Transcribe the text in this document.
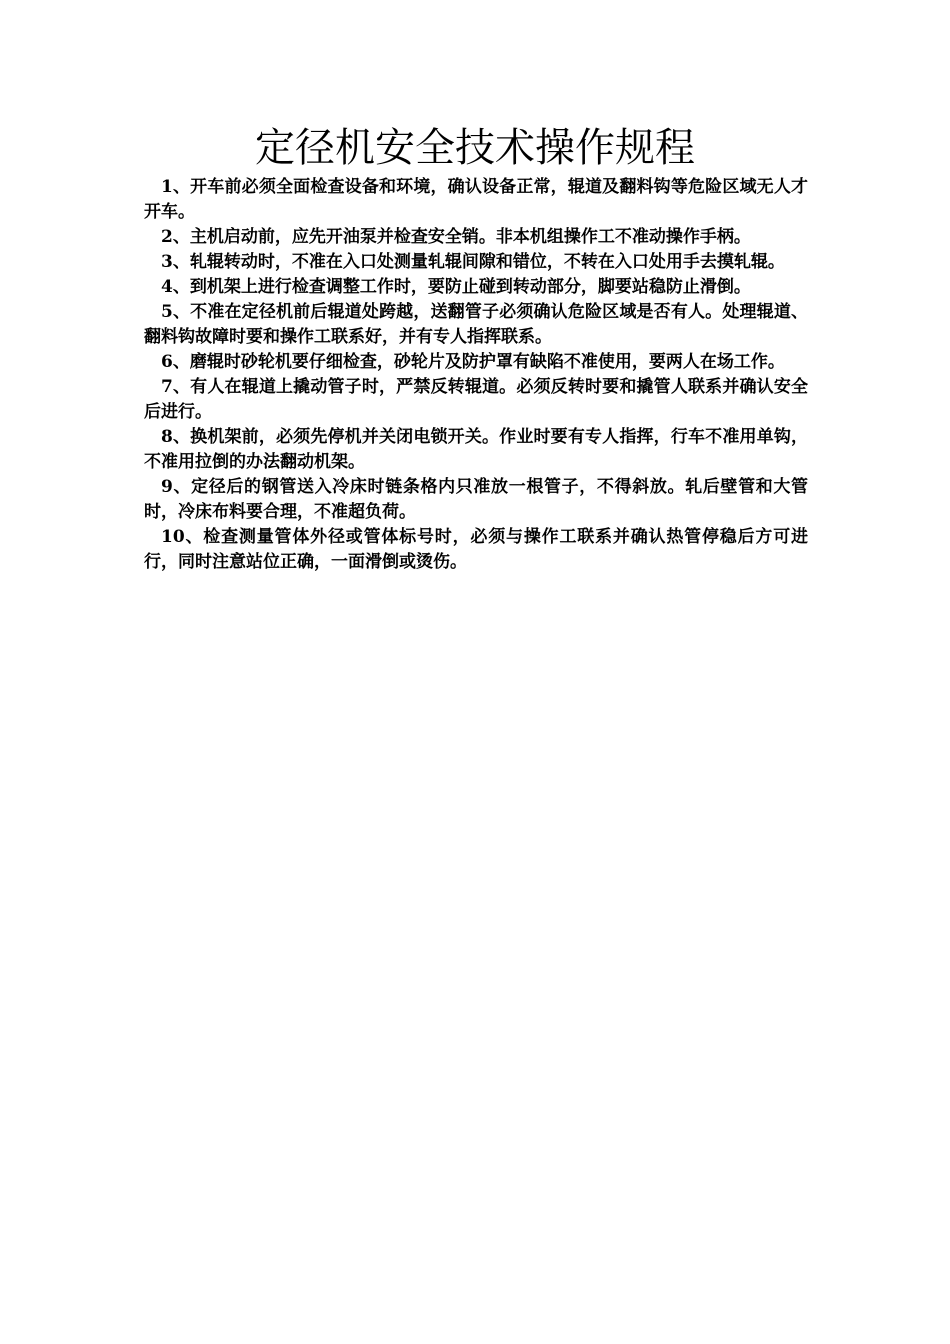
定径机安全技术操作规程
1、开车前必须全面检查设备和环境，确认设备正常，辊道及翻料钩等危险区域无人才开车。
2、主机启动前，应先开油泵并检查安全销。非本机组操作工不准动操作手柄。
3、轧辊转动时，不准在入口处测量轧辊间隙和错位，不转在入口处用手去摸轧辊。
4、到机架上进行检查调整工作时，要防止碰到转动部分，脚要站稳防止滑倒。
5、不准在定径机前后辊道处跨越，送翻管子必须确认危险区域是否有人。处理辊道、翻料钩故障时要和操作工联系好，并有专人指挥联系。
6、磨辊时砂轮机要仔细检查，砂轮片及防护罩有缺陷不准使用，要两人在场工作。
7、有人在辊道上撬动管子时，严禁反转辊道。必须反转时要和撬管人联系并确认安全后进行。
8、换机架前，必须先停机并关闭电锁开关。作业时要有专人指挥，行车不准用单钩，不准用拉倒的办法翻动机架。
9、定径后的钢管送入冷床时链条格内只准放一根管子，不得斜放。轧后壁管和大管时，冷床布料要合理，不准超负荷。
10、检查测量管体外径或管体标号时，必须与操作工联系并确认热管停稳后方可进行，同时注意站位正确，一面滑倒或烫伤。
